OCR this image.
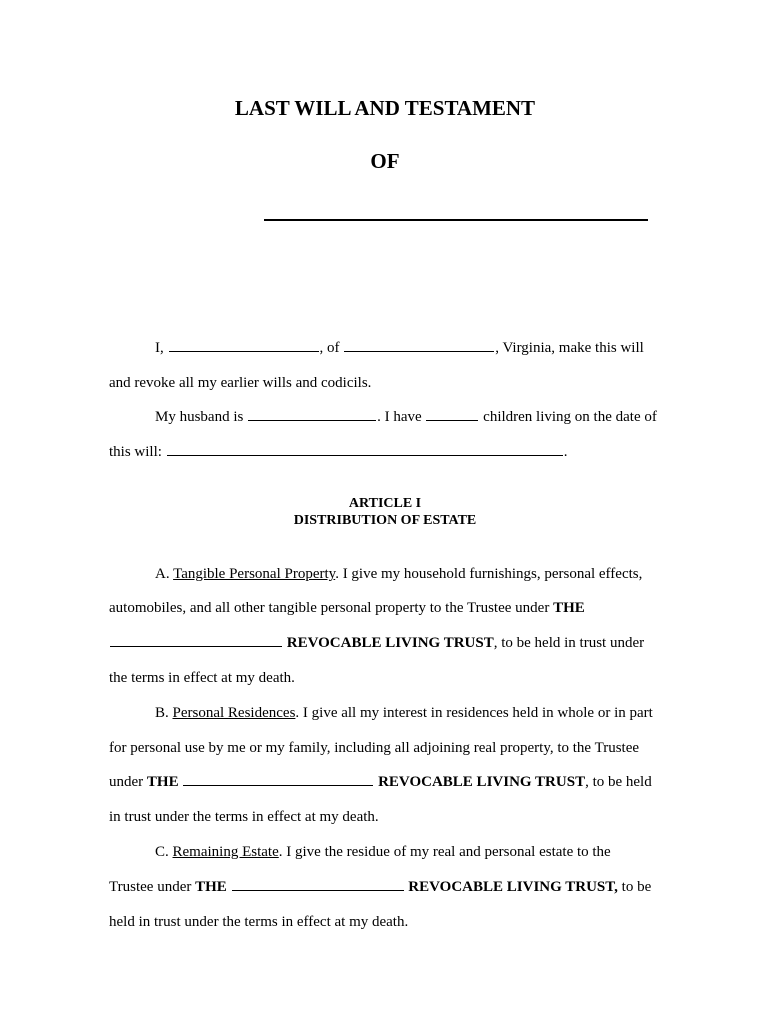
LAST WILL AND TESTAMENT
OF

I,	, of	, Virginia, make this will

and revoke all my earlier wills and codicils.

My husband is	. I have	children living on the date of

this will:	.

ARTICLE I

DISTRIBUTION OF ESTATE

A. Tangible Personal Property. I give my household furnishings, personal effects,

automobiles, and all other tangible personal property to the Trustee under THE

REVOCABLE LIVING TRUST, to be held in trust under

the terms in effect at my death.

B. Personal Residences. I give all my interest in residences held in whole or in part

for personal use by me or my family, including all adjoining real property, to the Trustee

under THE	REVOCABLE LIVING TRUST, to be held

in trust under the terms in effect at my death.

C. Remaining Estate. I give the residue of my real and personal estate to the

Trustee under THE	REVOCABLE LIVING TRUST, to be

held in trust under the terms in effect at my death.
